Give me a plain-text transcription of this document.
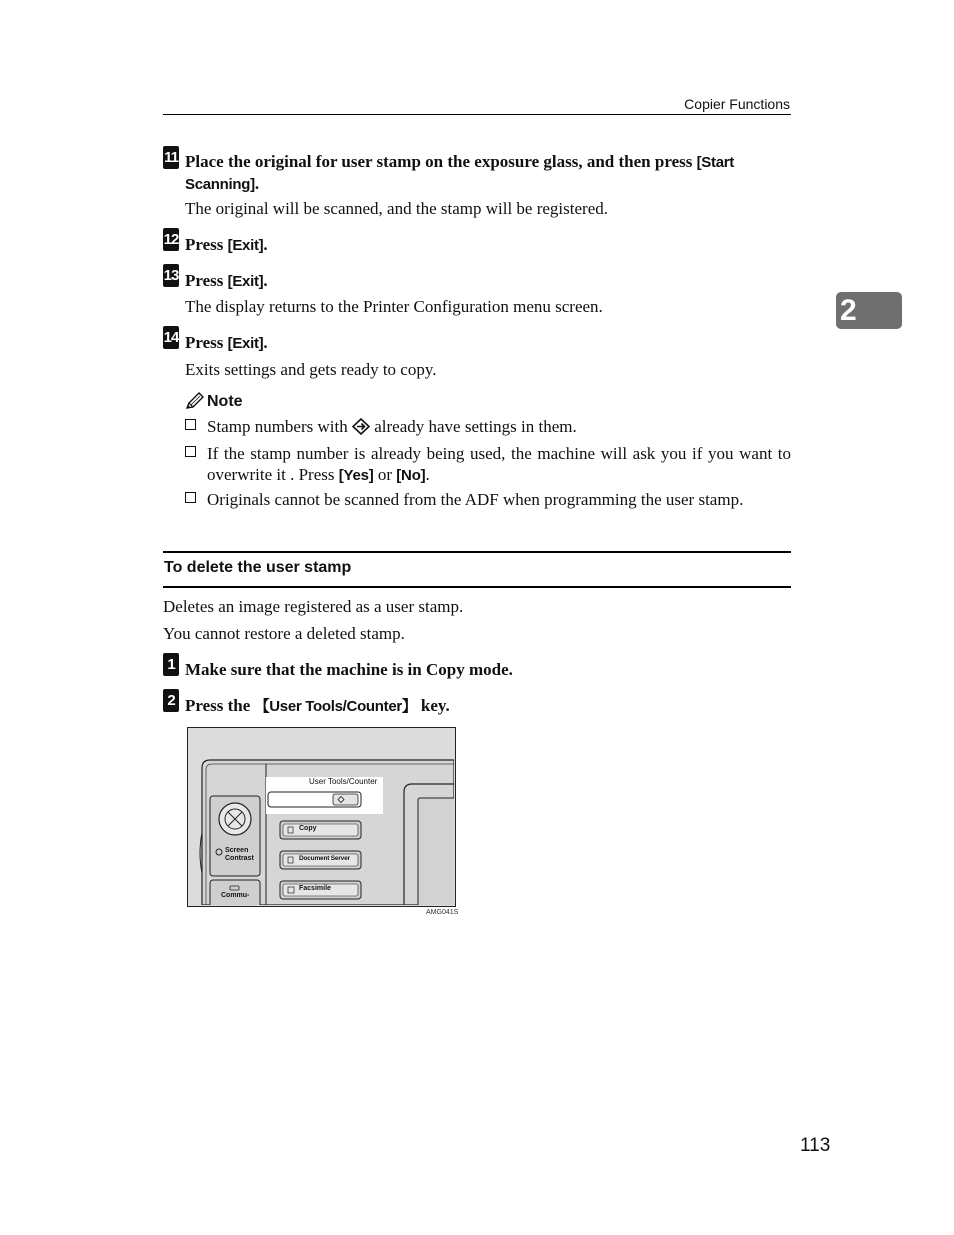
Copier Functions
2
11 Place the original for user stamp on the exposure glass, and then press [Start
Scanning].
The original will be scanned, and the stamp will be registered.
12 Press [Exit].
13 Press [Exit].
The display returns to the Printer Configuration menu screen.
14 Press [Exit].
Exits settings and gets ready to copy.
Note
Stamp numbers with  already have settings in them.
If the stamp number is already being used, the machine will ask you if you want to overwrite it . Press [Yes] or [No].
Originals cannot be scanned from the ADF when programming the user stamp.
To delete the user stamp
Deletes an image registered as a user stamp.
You cannot restore a deleted stamp.
1 Make sure that the machine is in Copy mode.
2 Press the 【User Tools/Counter】 key.
User Tools/Counter
Copy
Document Server
Facsimile
Screen
Contrast
Commu-
AMG041S
113
